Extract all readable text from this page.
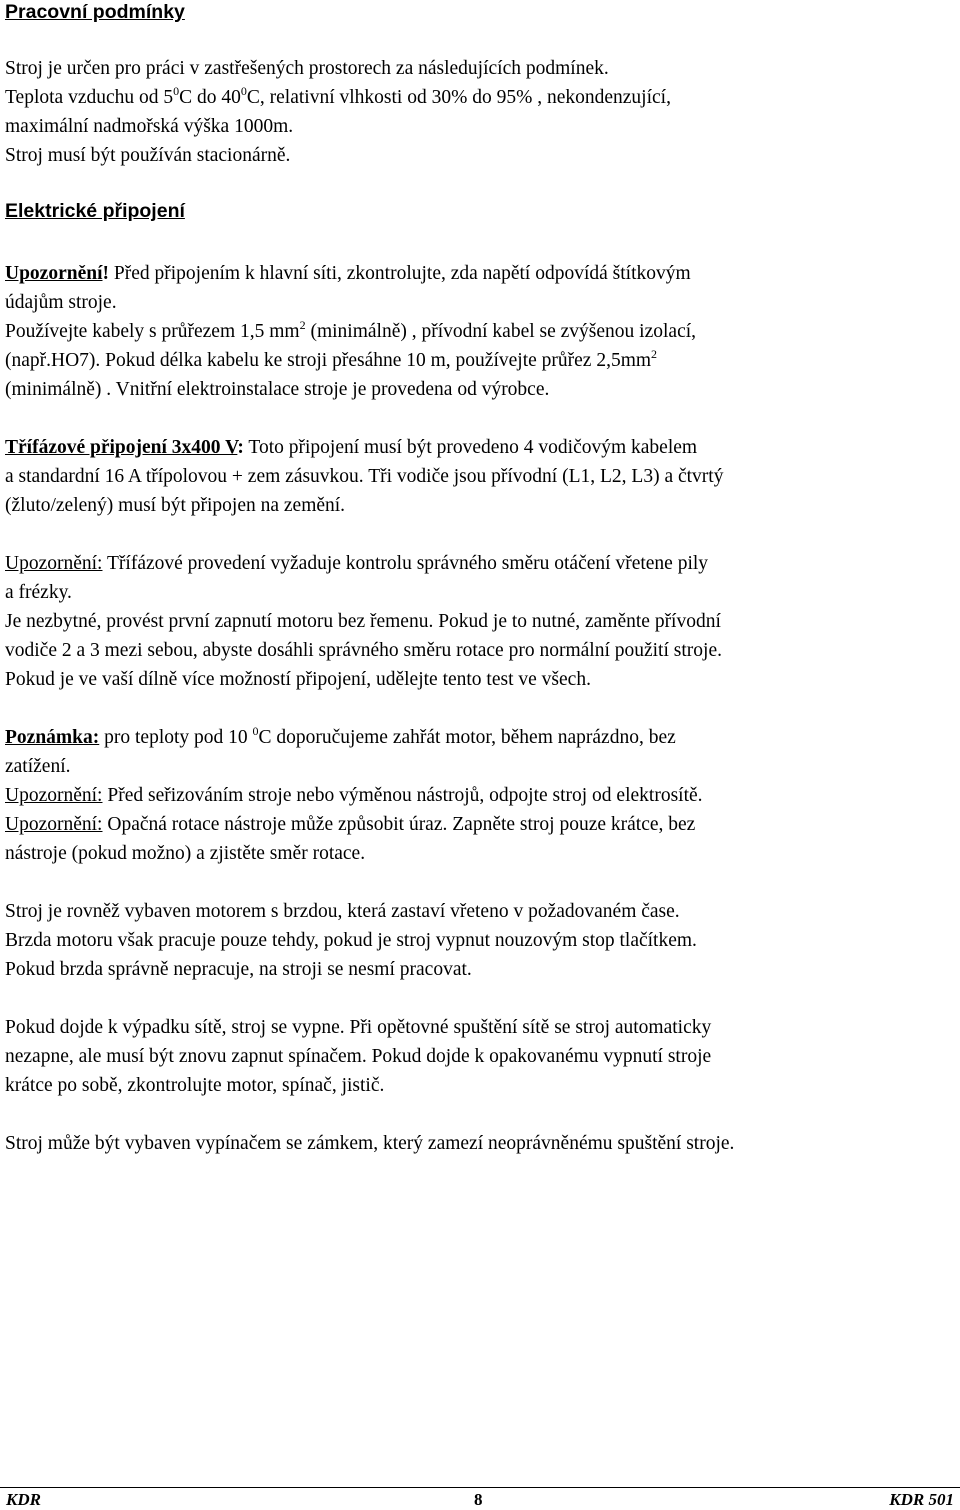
Pracovní podmínky
Stroj je určen pro práci v zastřešených prostorech za následujících podmínek.
Teplota vzduchu od $5^0C$ do $40^0C$, relativní vlhkosti od 30% do 95% , nekondenzující,
maximální nadmořská výška 1000m.
Stroj musí být používán stacionárně.
Elektrické připojení
Upozornění! Před připojením k hlavní síti, zkontrolujte, zda napětí odpovídá štítkovým
údajům stroje.
Používejte kabely s průřezem 1,5 $mm^2$ (minimálně) , přívodní kabel se zvýšenou izolací,
(např.HO7). Pokud délka kabelu ke stroji přesáhne 10 m, používejte průřez $2,5mm^2$
(minimálně) . Vnitřní elektroinstalace stroje je provedena od výrobce.
Třífázové připojení 3x400 V: Toto připojení musí být provedeno 4 vodičovým kabelem
a standardní 16 A třípolovou + zem zásuvkou. Tři vodiče jsou přívodní (L1, L2, L3) a čtvrtý
(žluto/zelený) musí být připojen na zemění.
Upozornění: Třífázové provedení vyžaduje kontrolu správného směru otáčení vřetene pily
a frézky.
Je nezbytné, provést první zapnutí motoru bez řemenu. Pokud je to nutné, zaměnte přívodní
vodiče 2 a 3 mezi sebou, abyste dosáhli správného směru rotace pro normální použití stroje.
Pokud je ve vaší dílně více možností připojení, udělejte tento test ve všech.
Poznámka: pro teploty pod 10 $^0$C doporučujeme zahřát motor, během naprázdno, bez
zatížení.
Upozornění: Před seřizováním stroje nebo výměnou nástrojů, odpojte stroj od elektrosítě.
Upozornění: Opačná rotace nástroje může způsobit úraz. Zapněte stroj pouze krátce, bez
nástroje (pokud možno) a zjistěte směr rotace.
Stroj je rovněž vybaven motorem s brzdou, která zastaví vřeteno v požadovaném čase.
Brzda motoru však pracuje pouze tehdy, pokud je stroj vypnut nouzovým stop tlačítkem.
Pokud brzda správně nepracuje, na stroji se nesmí pracovat.
Pokud dojde k výpadku sítě, stroj se vypne. Při opětovné spuštění sítě se stroj automaticky
nezapne, ale musí být znovu zapnut spínačem. Pokud dojde k opakovanému vypnutí stroje
krátce po sobě, zkontrolujte motor, spínač, jistič.
Stroj může být vybaven vypínačem se zámkem, který zamezí neoprávněnému spuštění stroje.
KDR	8	KDR 501
